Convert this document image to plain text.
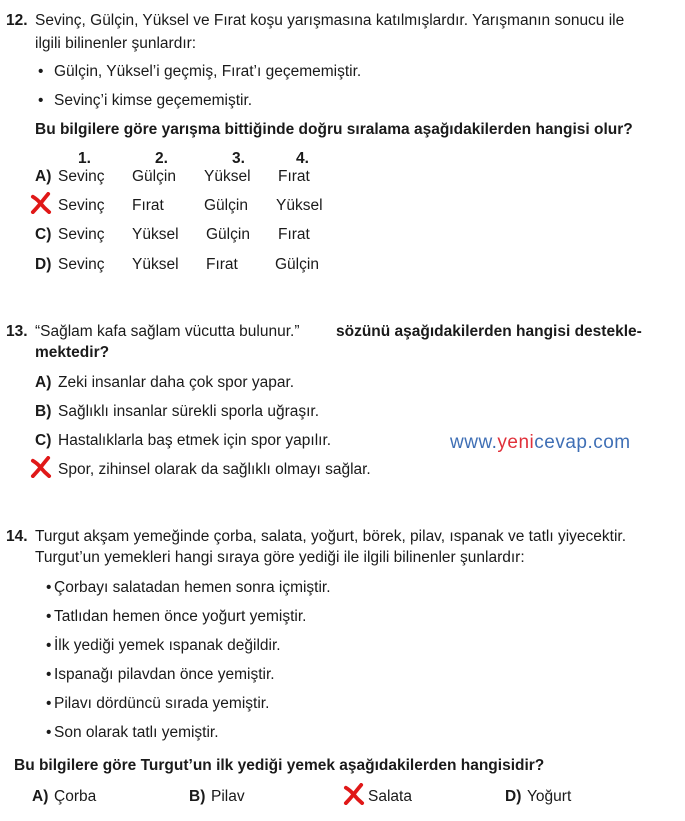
12. Sevinç, Gülçin, Yüksel ve Fırat koşu yarışmasına katılmışlardır. Yarışmanın sonucu ile
ilgili bilinenler şunlardır:
• Gülçin, Yüksel’i geçmiş, Fırat’ı geçememiştir.
• Sevinç’i kimse geçememiştir.
Bu bilgilere göre yarışma bittiğinde doğru sıralama aşağıdakilerden hangisi olur?
1.	2.	3.	4.
A) Sevinç Gülçin Yüksel Fırat
Sevinç Fırat	Gülçin Yüksel
C) Sevinç Yüksel Gülçin Fırat
D) Sevinç Yüksel Fırat Gülçin
13. “Sağlam kafa sağlam vücutta bulunur.” sözünü aşağıdakilerden hangisi destekle-
mektedir?
A) Zeki insanlar daha çok spor yapar.
B) Sağlıklı insanlar sürekli sporla uğraşır.
C) Hastalıklarla baş etmek için spor yapılır.
Spor, zihinsel olarak da sağlıklı olmayı sağlar.
www.yenicevap.com
14. Turgut akşam yemeğinde çorba, salata, yoğurt, börek, pilav, ıspanak ve tatlı yiyecektir.
Turgut’un yemekleri hangi sıraya göre yediği ile ilgili bilinenler şunlardır:
• Çorbayı salatadan hemen sonra içmiştir.
• Tatlıdan hemen önce yoğurt yemiştir.
• İlk yediği yemek ıspanak değildir.
• Ispanağı pilavdan önce yemiştir.
• Pilavı dördüncü sırada yemiştir.
• Son olarak tatlı yemiştir.
Bu bilgilere göre Turgut’un ilk yediği yemek aşağıdakilerden hangisidir?
A) Çorba	B) Pilav	Salata	D) Yoğurt
